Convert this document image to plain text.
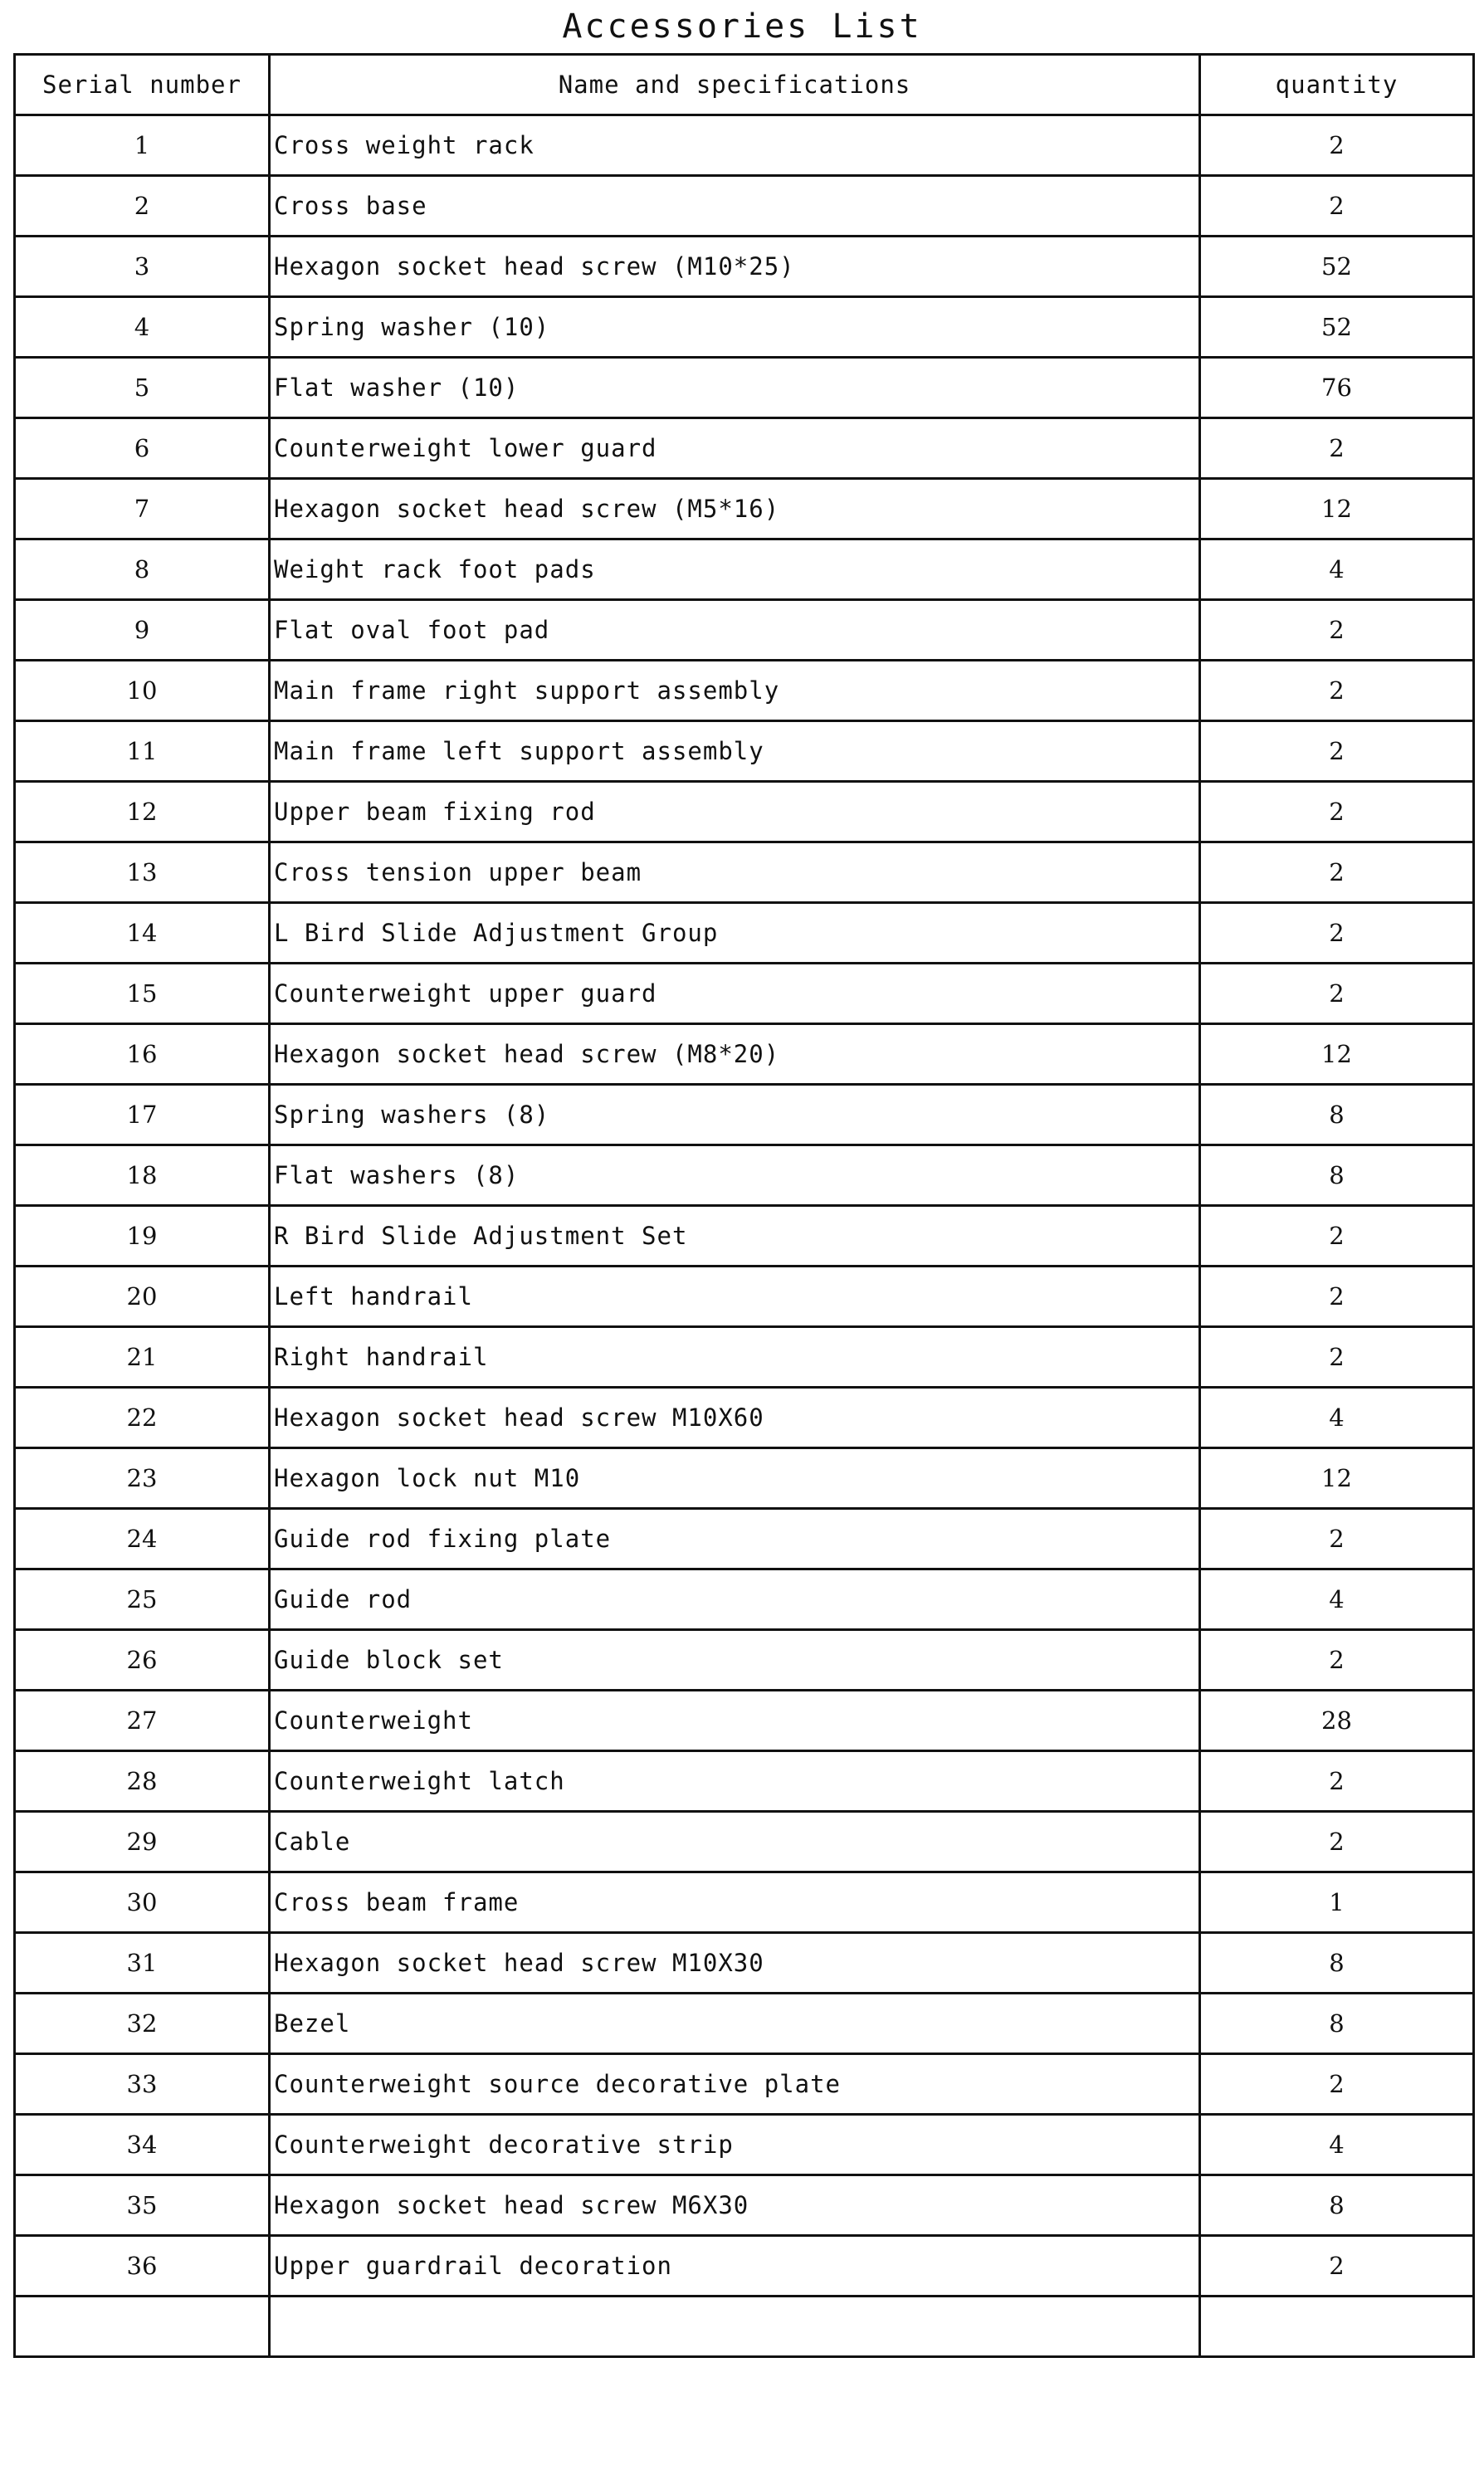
Accessories List
Serial number	Name and specifications	quantity
1	Cross weight rack	2
2	Cross base	2
3	Hexagon socket head screw (M10*25)	52
4	Spring washer (10)	52
5	Flat washer (10)	76
6	Counterweight lower guard	2
7	Hexagon socket head screw (M5*16)	12
8	Weight rack foot pads	4
9	Flat oval foot pad	2
10	Main frame right support assembly	2
11	Main frame left support assembly	2
12	Upper beam fixing rod	2
13	Cross tension upper beam	2
14	L Bird Slide Adjustment Group	2
15	Counterweight upper guard	2
16	Hexagon socket head screw (M8*20)	12
17	Spring washers (8)	8
18	Flat washers (8)	8
19	R Bird Slide Adjustment Set	2
20	Left handrail	2
21	Right handrail	2
22	Hexagon socket head screw M10X60	4
23	Hexagon lock nut M10	12
24	Guide rod fixing plate	2
25	Guide rod	4
26	Guide block set	2
27	Counterweight	28
28	Counterweight latch	2
29	Cable	2
30	Cross beam frame	1
31	Hexagon socket head screw M10X30	8
32	Bezel	8
33	Counterweight source decorative plate	2
34	Counterweight decorative strip	4
35	Hexagon socket head screw M6X30	8
36	Upper guardrail decoration	2
